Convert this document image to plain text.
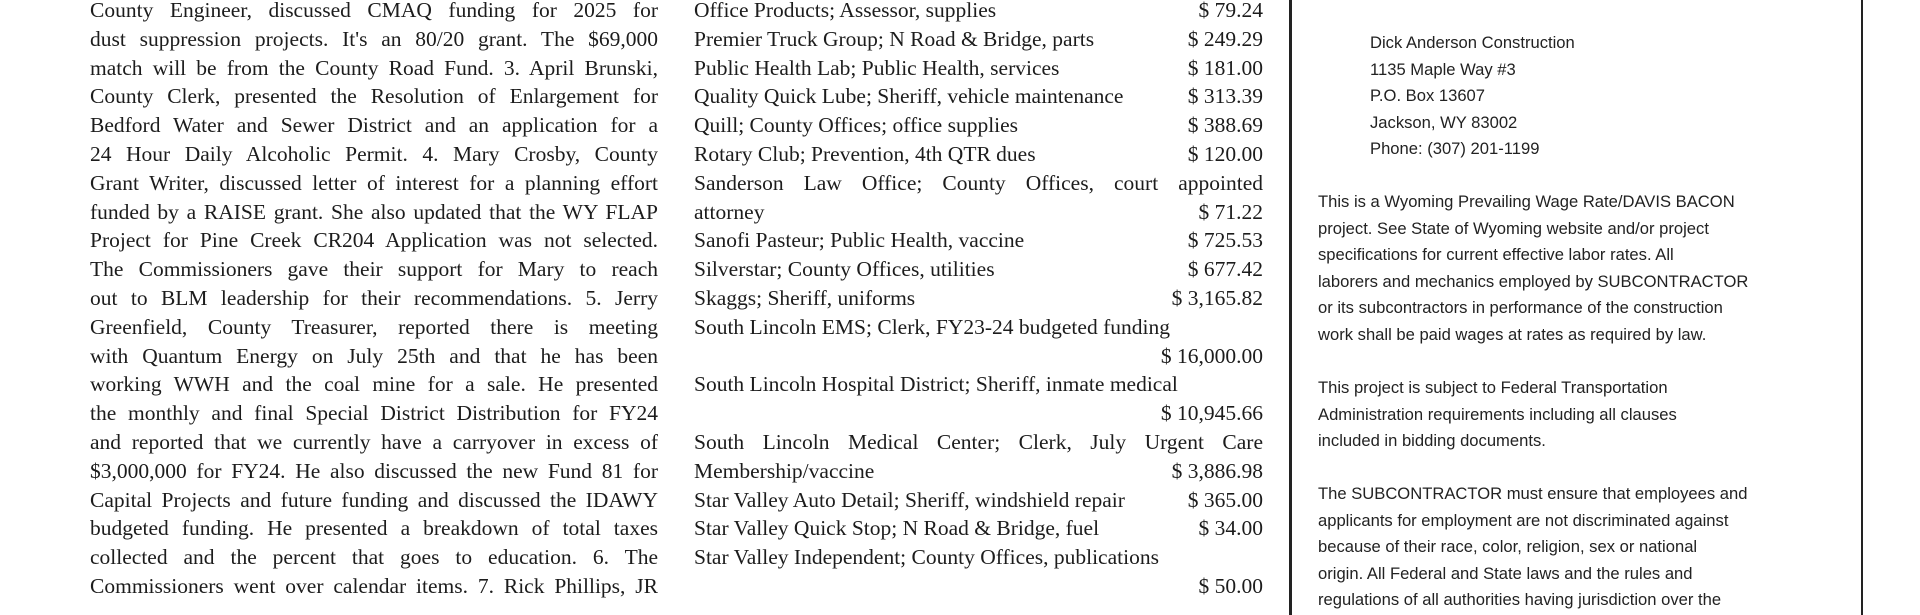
County Engineer, discussed CMAQ funding for 2025 for
dust suppression projects. It's an 80/20 grant. The $69,000
match will be from the County Road Fund. 3. April Brunski,
County Clerk, presented the Resolution of Enlargement for
Bedford Water and Sewer District and an application for a
24 Hour Daily Alcoholic Permit. 4. Mary Crosby, County
Grant Writer, discussed letter of interest for a planning effort
funded by a RAISE grant. She also updated that the WY FLAP
Project for Pine Creek CR204 Application was not selected.
The Commissioners gave their support for Mary to reach
out to BLM leadership for their recommendations. 5. Jerry
Greenfield, County Treasurer, reported there is meeting
with Quantum Energy on July 25th and that he has been
working WWH and the coal mine for a sale. He presented
the monthly and final Special District Distribution for FY24
and reported that we currently have a carryover in excess of
$3,000,000 for FY24. He also discussed the new Fund 81 for
Capital Projects and future funding and discussed the IDAWY
budgeted funding. He presented a breakdown of total taxes
collected and the percent that goes to education. 6. The
Commissioners went over calendar items. 7. Rick Phillips, JR
Office Products; Assessor, supplies	$ 79.24
Premier Truck Group; N Road & Bridge, parts	$ 249.29
Public Health Lab; Public Health, services	$ 181.00
Quality Quick Lube; Sheriff, vehicle maintenance	$ 313.39
Quill; County Offices; office supplies	$ 388.69
Rotary Club; Prevention, 4th QTR dues	$ 120.00
Sanderson Law Office; County Offices, court appointed
attorney	$ 71.22
Sanofi Pasteur; Public Health, vaccine	$ 725.53
Silverstar; County Offices, utilities	$ 677.42
Skaggs; Sheriff, uniforms	$ 3,165.82
South Lincoln EMS; Clerk, FY23-24 budgeted funding
$ 16,000.00
South Lincoln Hospital District; Sheriff, inmate medical
$ 10,945.66
South Lincoln Medical Center; Clerk, July Urgent Care
Membership/vaccine	$ 3,886.98
Star Valley Auto Detail; Sheriff, windshield repair	$ 365.00
Star Valley Quick Stop; N Road & Bridge, fuel	$ 34.00
Star Valley Independent; County Offices, publications
$ 50.00
Dick Anderson Construction
1135 Maple Way #3
P.O. Box 13607
Jackson, WY 83002
Phone: (307) 201-1199
This is a Wyoming Prevailing Wage Rate/DAVIS BACON
project. See State of Wyoming website and/or project
specifications for current effective labor rates. All
laborers and mechanics employed by SUBCONTRACTOR
or its subcontractors in performance of the construction
work shall be paid wages at rates as required by law.
This project is subject to Federal Transportation
Administration requirements including all clauses
included in bidding documents.
The SUBCONTRACTOR must ensure that employees and
applicants for employment are not discriminated against
because of their race, color, religion, sex or national
origin. All Federal and State laws and the rules and
regulations of all authorities having jurisdiction over the
